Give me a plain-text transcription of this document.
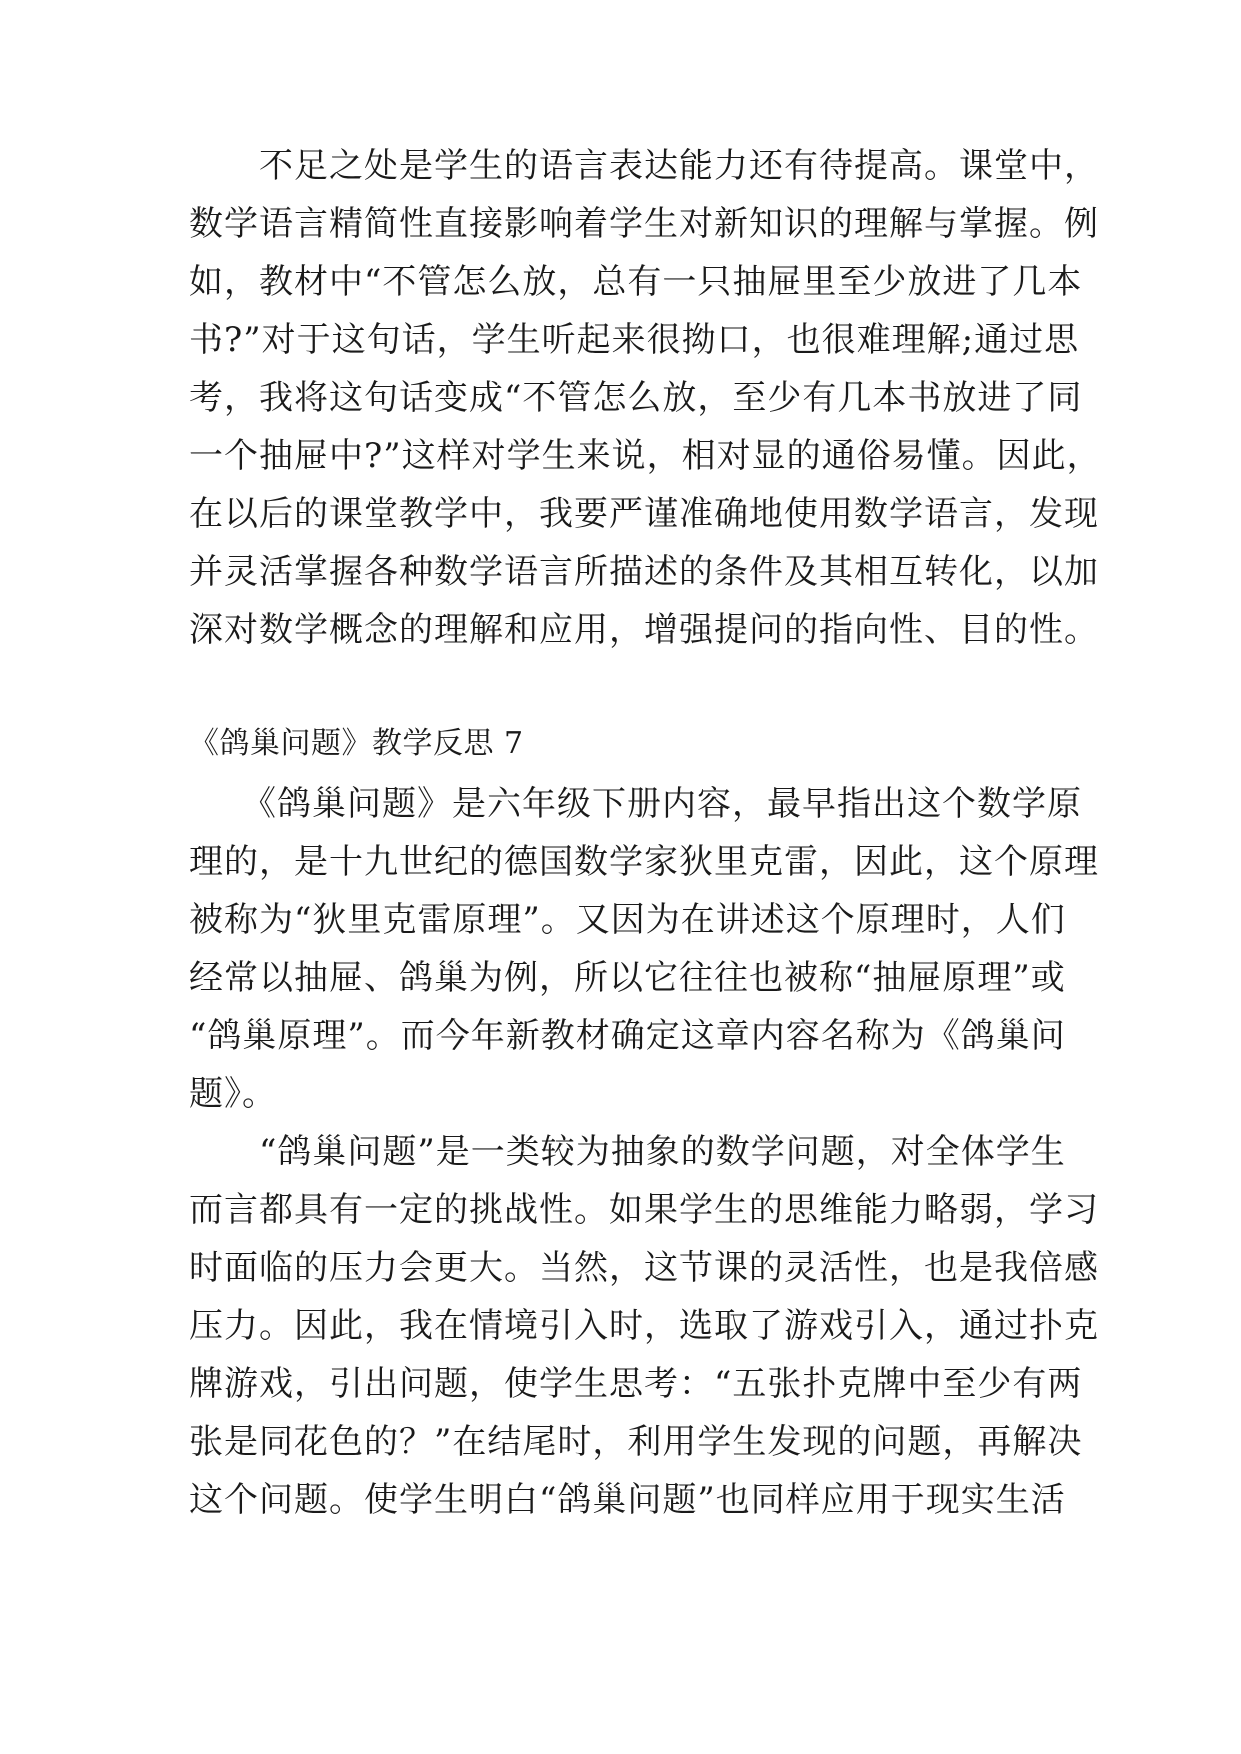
　　不足之处是学生的语言表达能力还有待提高。课堂中，
数学语言精简性直接影响着学生对新知识的理解与掌握。例
如，教材中“不管怎么放，总有一只抽屉里至少放进了几本
书?”对于这句话，学生听起来很拗口，也很难理解;通过思
考，我将这句话变成“不管怎么放，至少有几本书放进了同
一个抽屉中?”这样对学生来说，相对显的通俗易懂。因此，
在以后的课堂教学中，我要严谨准确地使用数学语言，发现
并灵活掌握各种数学语言所描述的条件及其相互转化，以加
深对数学概念的理解和应用，增强提问的指向性、目的性。
《鸽巢问题》教学反思 7
　　《鸽巢问题》是六年级下册内容，最早指出这个数学原
理的，是十九世纪的德国数学家狄里克雷，因此，这个原理
被称为“狄里克雷原理”。又因为在讲述这个原理时，人们
经常以抽屉、鸽巢为例，所以它往往也被称“抽屉原理”或
“鸽巢原理”。而今年新教材确定这章内容名称为《鸽巢问
题》。
　　“鸽巢问题”是一类较为抽象的数学问题，对全体学生
而言都具有一定的挑战性。如果学生的思维能力略弱，学习
时面临的压力会更大。当然，这节课的灵活性，也是我倍感
压力。因此，我在情境引入时，选取了游戏引入，通过扑克
牌游戏，引出问题，使学生思考：“五张扑克牌中至少有两
张是同花色的？”在结尾时，利用学生发现的问题，再解决
这个问题。使学生明白“鸽巢问题”也同样应用于现实生活
